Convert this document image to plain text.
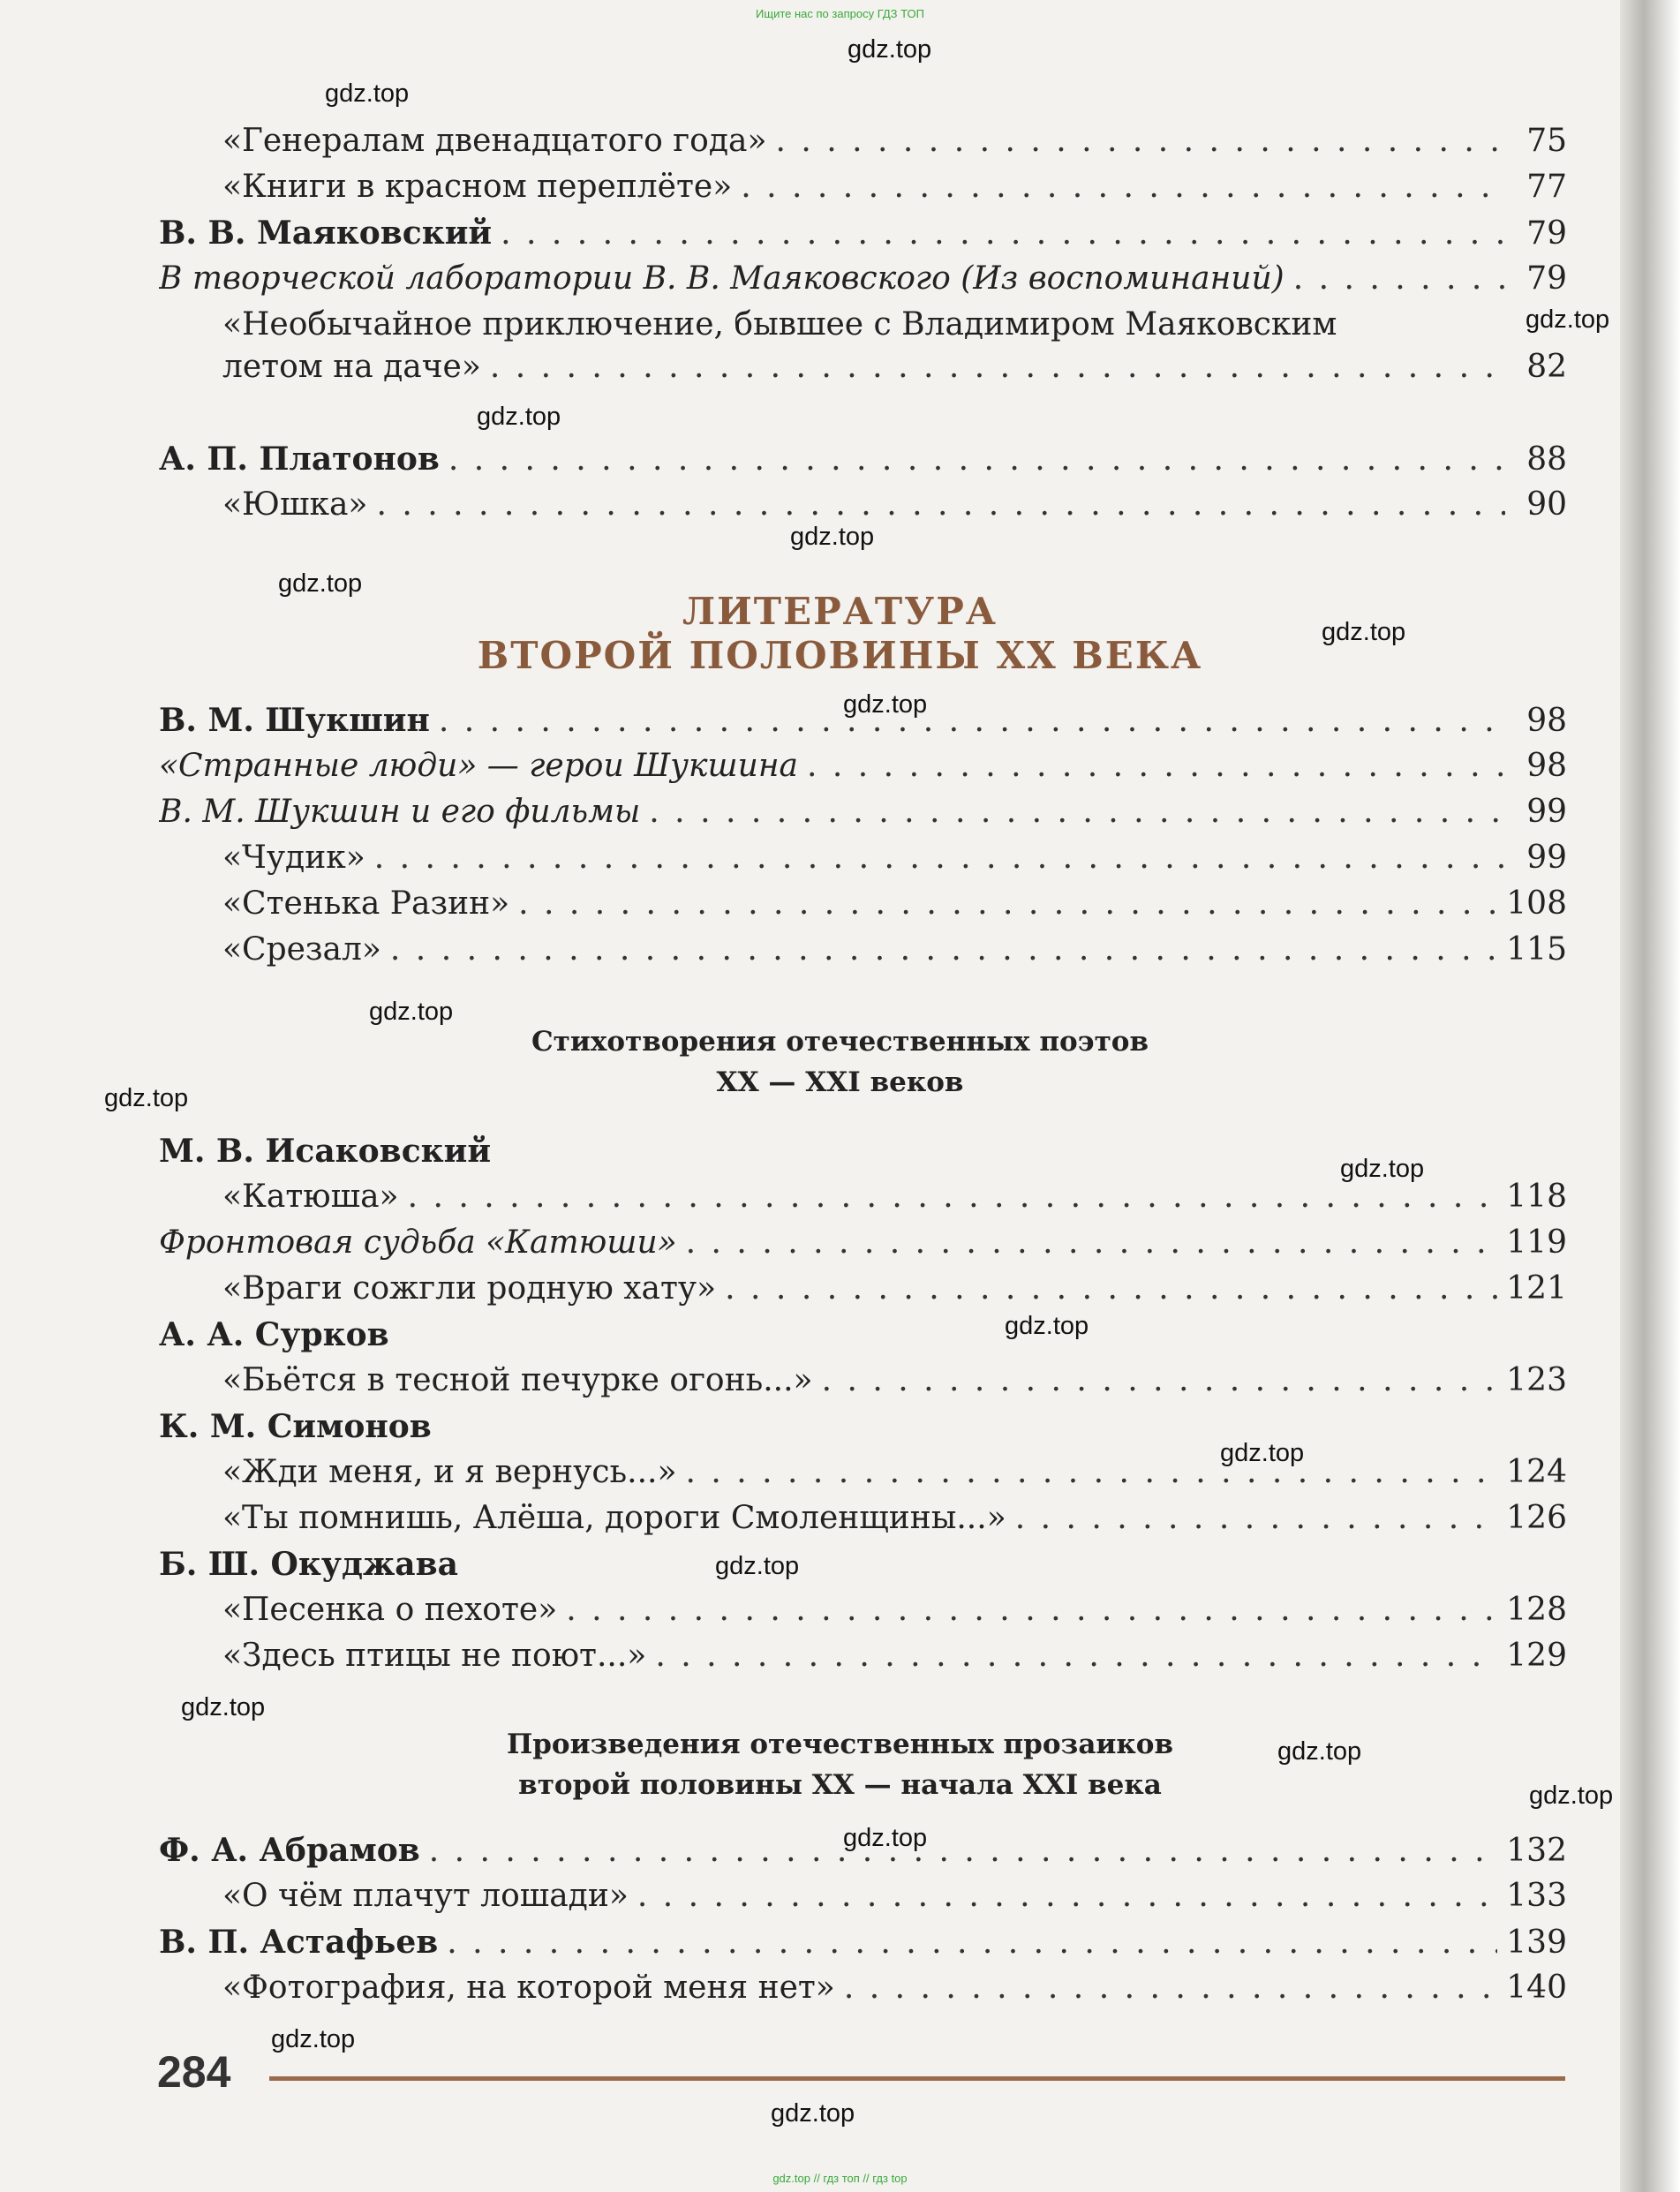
Ищите нас по запросу ГДЗ ТОП
«Генералам двенадцатого года» . . .	75
«Книги в красном переплёте» . . .	77
В. В. Маяковский . . .	79
В творческой лаборатории В. В. Маяковского (Из воспоминаний) . . .	79
«Необычайное приключение, бывшее с Владимиром Маяковским
летом на даче» . . .	82
А. П. Платонов . . .	88
«Юшка» . . .	90
ЛИТЕРАТУРА
ВТОРОЙ ПОЛОВИНЫ XX ВЕКА
В. М. Шукшин . . .	98
«Странные люди» — герои Шукшина . . .	98
В. М. Шукшин и его фильмы . . .	99
«Чудик» . . .	99
«Стенька Разин» . . .	108
«Срезал» . . .	115
Стихотворения отечественных поэтов
XX — XXI веков
М. В. Исаковский
«Катюша» . . .	118
Фронтовая судьба «Катюши» . . .	119
«Враги сожгли родную хату» . . .	121
А. А. Сурков
«Бьётся в тесной печурке огонь...» . . .	123
К. М. Симонов
«Жди меня, и я вернусь...» . . .	124
«Ты помнишь, Алёша, дороги Смоленщины...» . . .	126
Б. Ш. Окуджава
«Песенка о пехоте» . . .	128
«Здесь птицы не поют...» . . .	129
Произведения отечественных прозаиков
второй половины XX — начала XXI века
Ф. А. Абрамов . . .	132
«О чём плачут лошади» . . .	133
В. П. Астафьев . . .	139
«Фотография, на которой меня нет» . . .	140
284
gdz.top
gdz.top
gdz.top
gdz.top
gdz.top
gdz.top
gdz.top
gdz.top
gdz.top
gdz.top
gdz.top
gdz.top
gdz.top
gdz.top
gdz.top
gdz.top
gdz.top
gdz.top
gdz.top
gdz.top
gdz.top // гдз топ // гдз top
